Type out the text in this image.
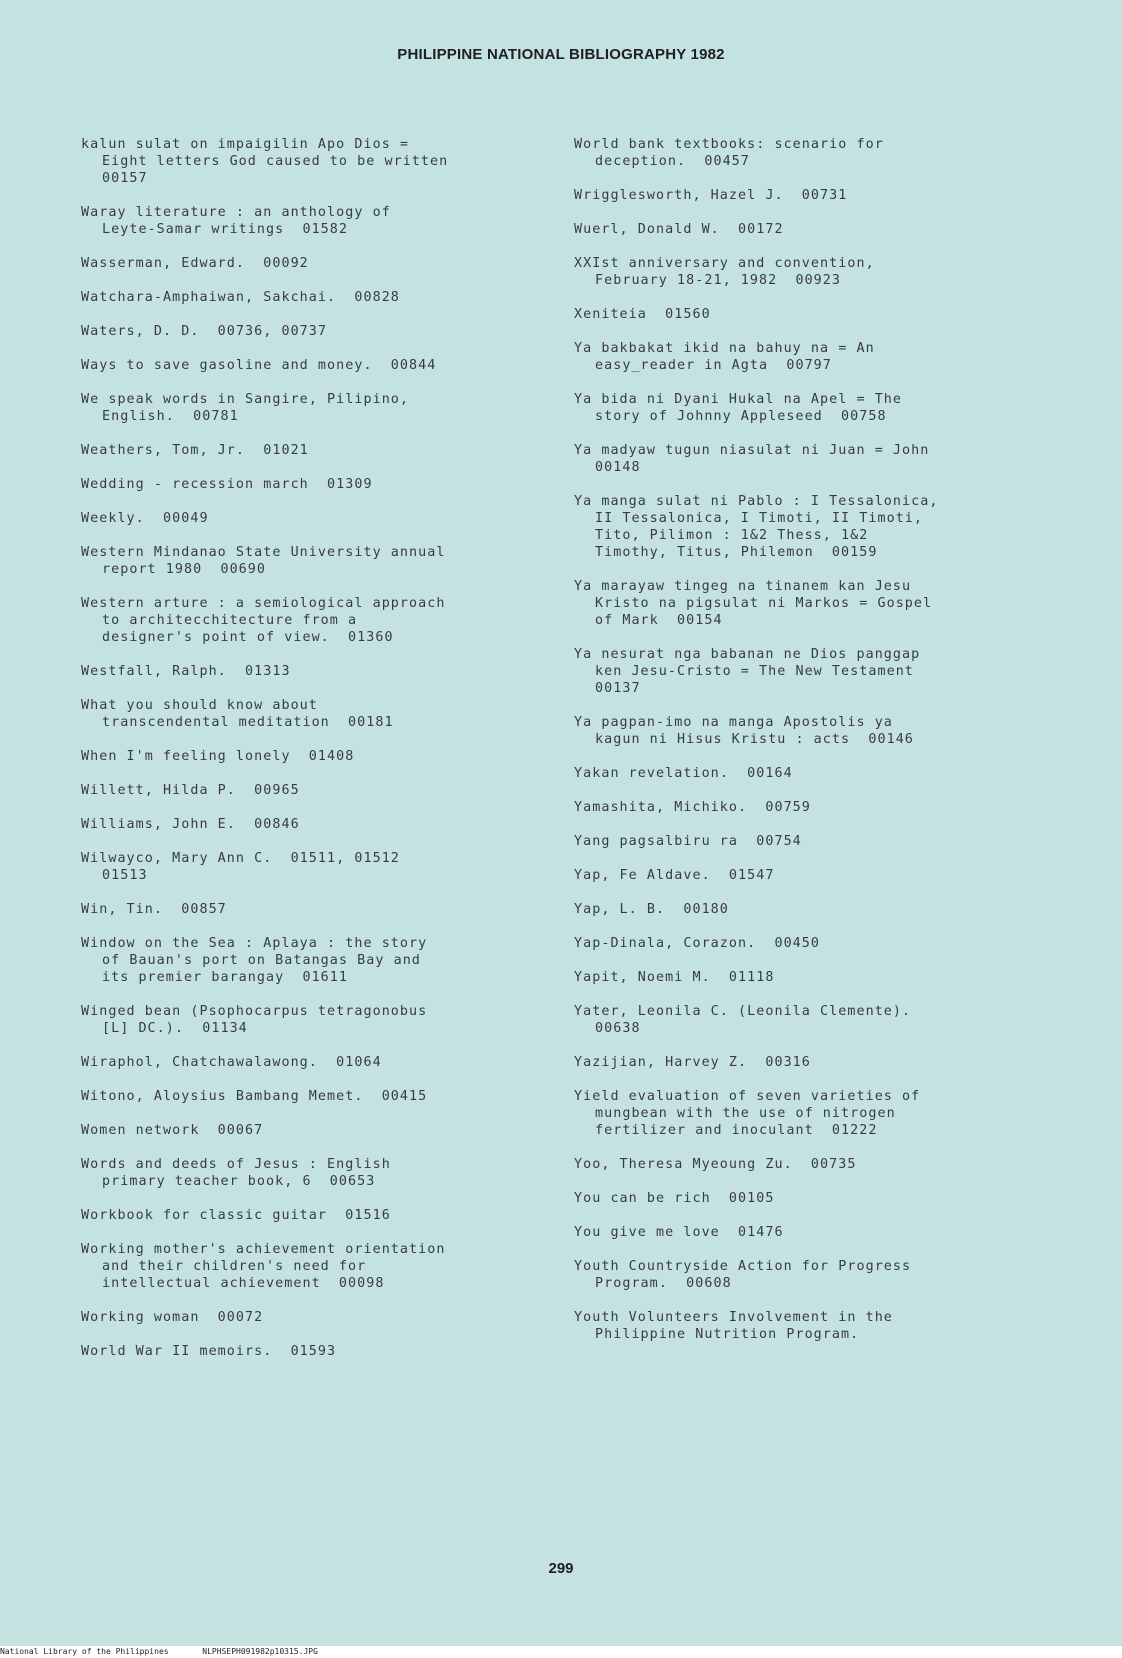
PHILIPPINE NATIONAL BIBLIOGRAPHY 1982
kalun sulat on impaigilin Apo Dios =
Eight letters God caused to be written
00157
Waray literature : an anthology of
Leyte-Samar writings  01582
Wasserman, Edward.  00092
Watchara-Amphaiwan, Sakchai.  00828
Waters, D. D.  00736, 00737
Ways to save gasoline and money.  00844
We speak words in Sangire, Pilipino,
English.  00781
Weathers, Tom, Jr.  01021
Wedding - recession march  01309
Weekly.  00049
Western Mindanao State University annual
report 1980  00690
Western arture : a semiological approach
to architecchitecture from a
designer's point of view.  01360
Westfall, Ralph.  01313
What you should know about
transcendental meditation  00181
When I'm feeling lonely  01408
Willett, Hilda P.  00965
Williams, John E.  00846
Wilwayco, Mary Ann C.  01511, 01512
01513
Win, Tin.  00857
Window on the Sea : Aplaya : the story
of Bauan's port on Batangas Bay and
its premier barangay  01611
Winged bean (Psophocarpus tetragonobus
[L] DC.).  01134
Wiraphol, Chatchawalawong.  01064
Witono, Aloysius Bambang Memet.  00415
Women network  00067
Words and deeds of Jesus : English
primary teacher book, 6  00653
Workbook for classic guitar  01516
Working mother's achievement orientation
and their children's need for
intellectual achievement  00098
Working woman  00072
World War II memoirs.  01593
World bank textbooks: scenario for
deception.  00457
Wrigglesworth, Hazel J.  00731
Wuerl, Donald W.  00172
XXIst anniversary and convention,
February 18-21, 1982  00923
Xeniteia  01560
Ya bakbakat ikid na bahuy na = An
easy_reader in Agta  00797
Ya bida ni Dyani Hukal na Apel = The
story of Johnny Appleseed  00758
Ya madyaw tugun niasulat ni Juan = John
00148
Ya manga sulat ni Pablo : I Tessalonica,
II Tessalonica, I Timoti, II Timoti,
Tito, Pilimon : 1&2 Thess, 1&2
Timothy, Titus, Philemon  00159
Ya marayaw tingeg na tinanem kan Jesu
Kristo na pigsulat ni Markos = Gospel
of Mark  00154
Ya nesurat nga babanan ne Dios panggap
ken Jesu-Cristo = The New Testament
00137
Ya pagpan-imo na manga Apostolis ya
kagun ni Hisus Kristu : acts  00146
Yakan revelation.  00164
Yamashita, Michiko.  00759
Yang pagsalbiru ra  00754
Yap, Fe Aldave.  01547
Yap, L. B.  00180
Yap-Dinala, Corazon.  00450
Yapit, Noemi M.  01118
Yater, Leonila C. (Leonila Clemente).
00638
Yazijian, Harvey Z.  00316
Yield evaluation of seven varieties of
mungbean with the use of nitrogen
fertilizer and inoculant  01222
Yoo, Theresa Myeoung Zu.  00735
You can be rich  00105
You give me love  01476
Youth Countryside Action for Progress
Program.  00608
Youth Volunteers Involvement in the
Philippine Nutrition Program.
299
National Library of the Philippines	NLPHSEPH091982p10315.JPG
